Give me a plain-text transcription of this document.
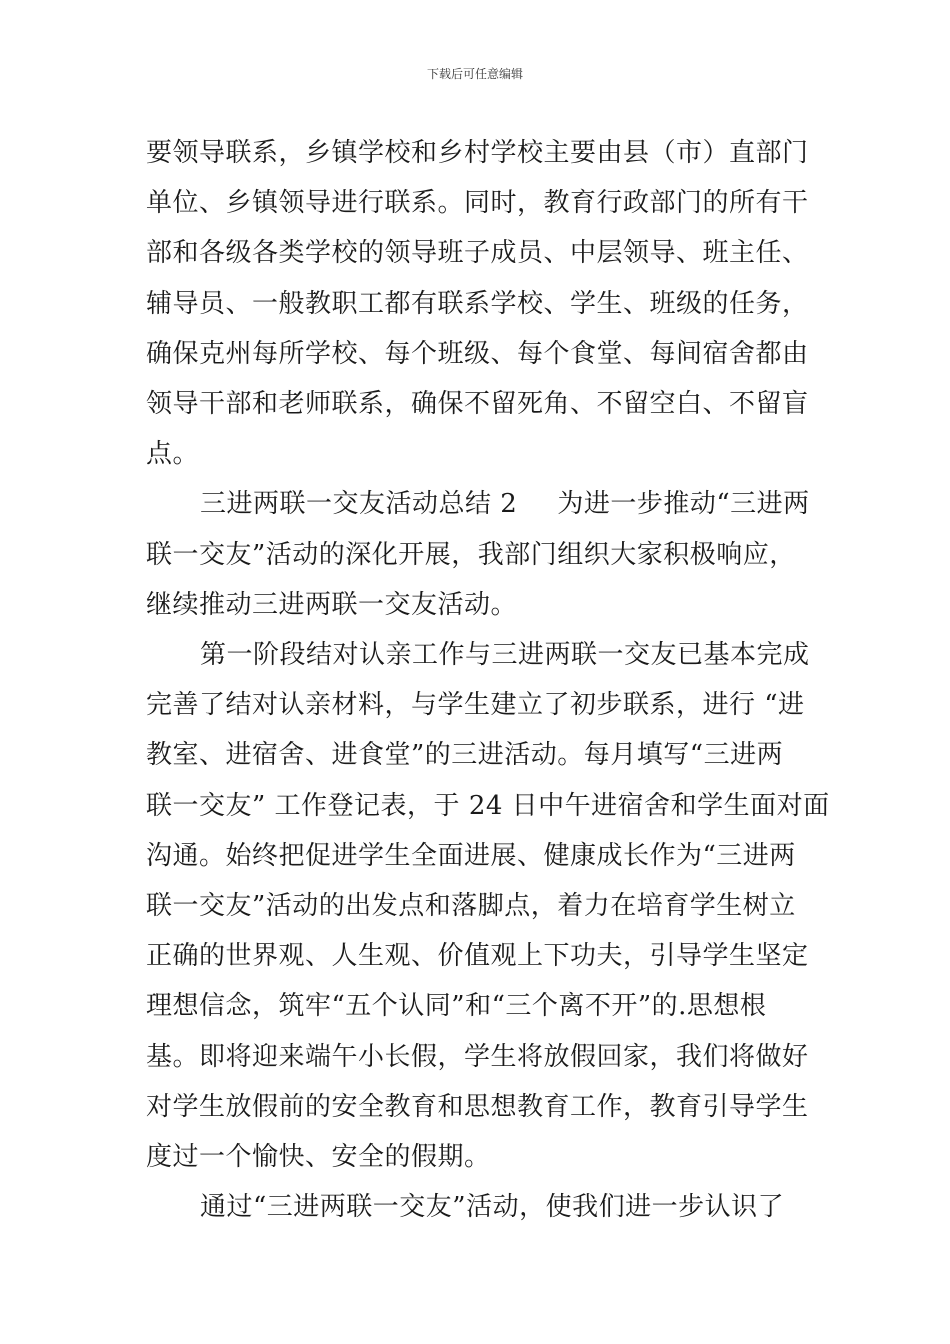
下载后可任意编辑
要领导联系，乡镇学校和乡村学校主要由县（市）直部门
单位、乡镇领导进行联系。同时，教育行政部门的所有干
部和各级各类学校的领导班子成员、中层领导、班主任、
辅导员、一般教职工都有联系学校、学生、班级的任务，
确保克州每所学校、每个班级、每个食堂、每间宿舍都由
领导干部和老师联系，确保不留死角、不留空白、不留盲
点。
三进两联一交友活动总结 2 为进一步推动“三进两
联一交友”活动的深化开展，我部门组织大家积极响应，
继续推动三进两联一交友活动。
第一阶段结对认亲工作与三进两联一交友已基本完成
完善了结对认亲材料，与学生建立了初步联系，进行 “进
教室、进宿舍、进食堂”的三进活动。每月填写“三进两
联一交友” 工作登记表，于 24 日中午进宿舍和学生面对面
沟通。始终把促进学生全面进展、健康成长作为“三进两
联一交友”活动的出发点和落脚点，着力在培育学生树立
正确的世界观、人生观、价值观上下功夫，引导学生坚定
理想信念，筑牢“五个认同”和“三个离不开”的.思想根
基。即将迎来端午小长假，学生将放假回家，我们将做好
对学生放假前的安全教育和思想教育工作，教育引导学生
度过一个愉快、安全的假期。
通过“三进两联一交友”活动，使我们进一步认识了
